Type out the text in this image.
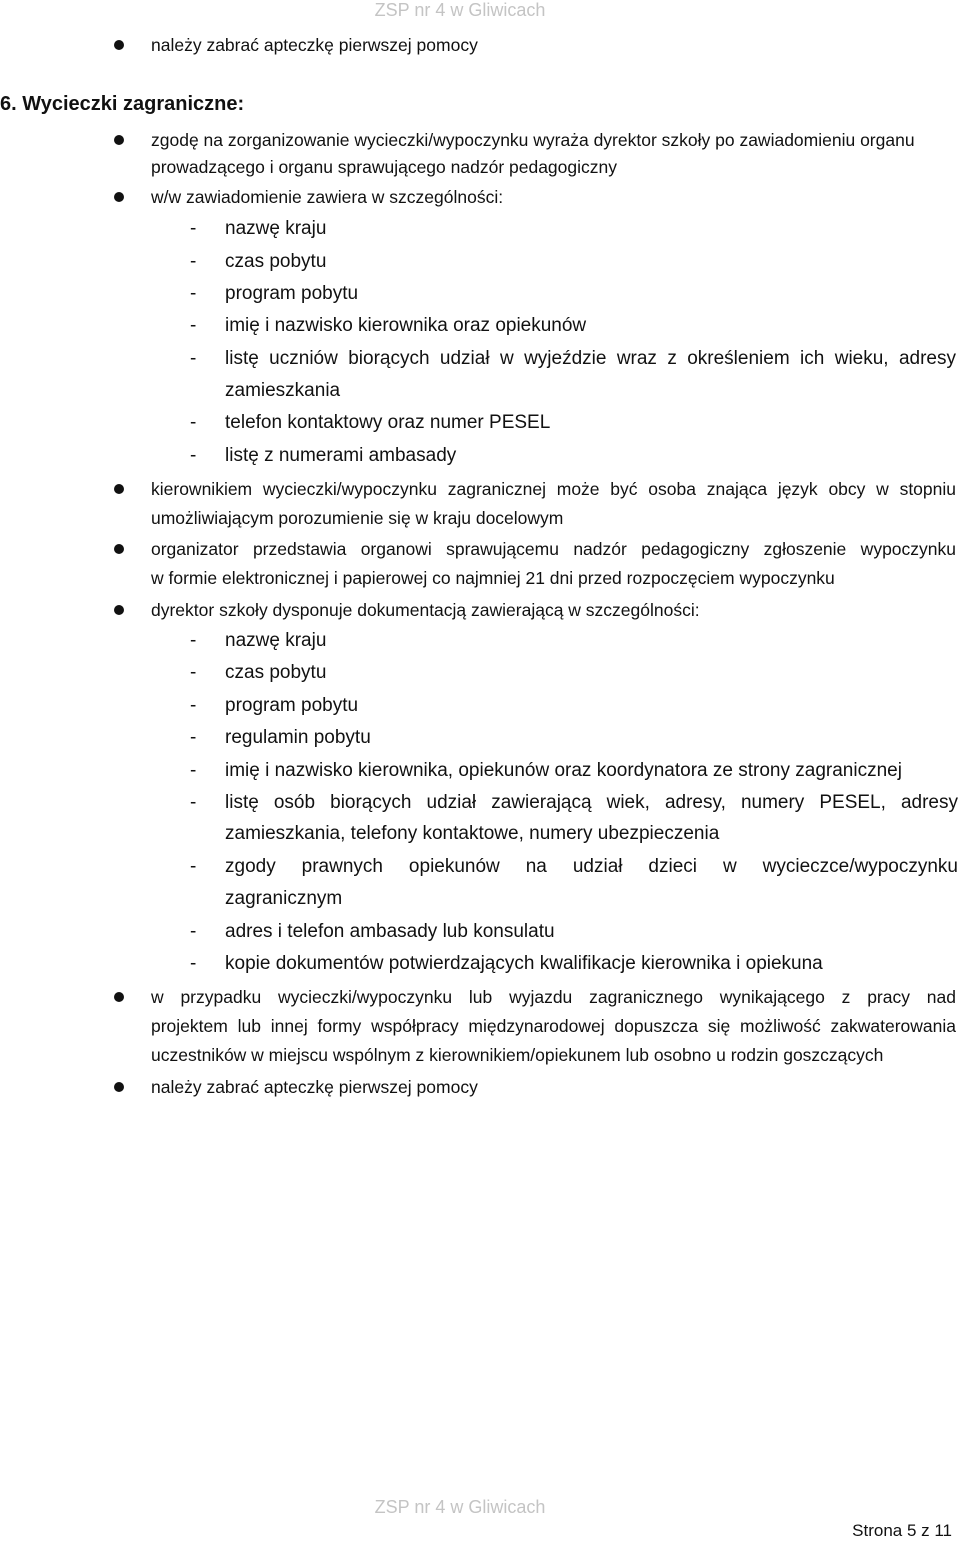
ZSP nr 4 w Gliwicach
należy zabrać apteczkę pierwszej pomocy
6. Wycieczki zagraniczne:
zgodę na zorganizowanie wycieczki/wypoczynku wyraża dyrektor szkoły po zawiadomieniu organu
prowadzącego i organu sprawującego nadzór pedagogiczny
w/w zawiadomienie zawiera w szczególności:
- nazwę kraju
- czas pobytu
- program pobytu
- imię i nazwisko kierownika oraz opiekunów
- listę uczniów biorących udział w wyjeździe wraz z określeniem ich wieku, adresy
zamieszkania
- telefon kontaktowy oraz numer PESEL
- listę z numerami ambasady
kierownikiem wycieczki/wypoczynku zagranicznej może być osoba znająca język obcy w stopniu
umożliwiającym porozumienie się w kraju docelowym
organizator przedstawia organowi sprawującemu nadzór pedagogiczny zgłoszenie wypoczynku
w formie elektronicznej i papierowej co najmniej 21 dni przed rozpoczęciem wypoczynku
dyrektor szkoły dysponuje dokumentacją zawierającą w szczególności:
- nazwę kraju
- czas pobytu
- program pobytu
- regulamin pobytu
- imię i nazwisko kierownika, opiekunów oraz koordynatora ze strony zagranicznej
- listę osób biorących udział zawierającą wiek, adresy, numery PESEL, adresy
zamieszkania, telefony kontaktowe, numery ubezpieczenia
- zgody prawnych opiekunów na udział dzieci w wycieczce/wypoczynku
zagranicznym
- adres i telefon ambasady lub konsulatu
- kopie dokumentów potwierdzających kwalifikacje kierownika i opiekuna
w przypadku wycieczki/wypoczynku lub wyjazdu zagranicznego wynikającego z pracy nad
projektem lub innej formy współpracy międzynarodowej dopuszcza się możliwość zakwaterowania
uczestników w miejscu wspólnym z kierownikiem/opiekunem lub osobno u rodzin goszczących
należy zabrać apteczkę pierwszej pomocy
ZSP nr 4 w Gliwicach
Strona 5 z 11
